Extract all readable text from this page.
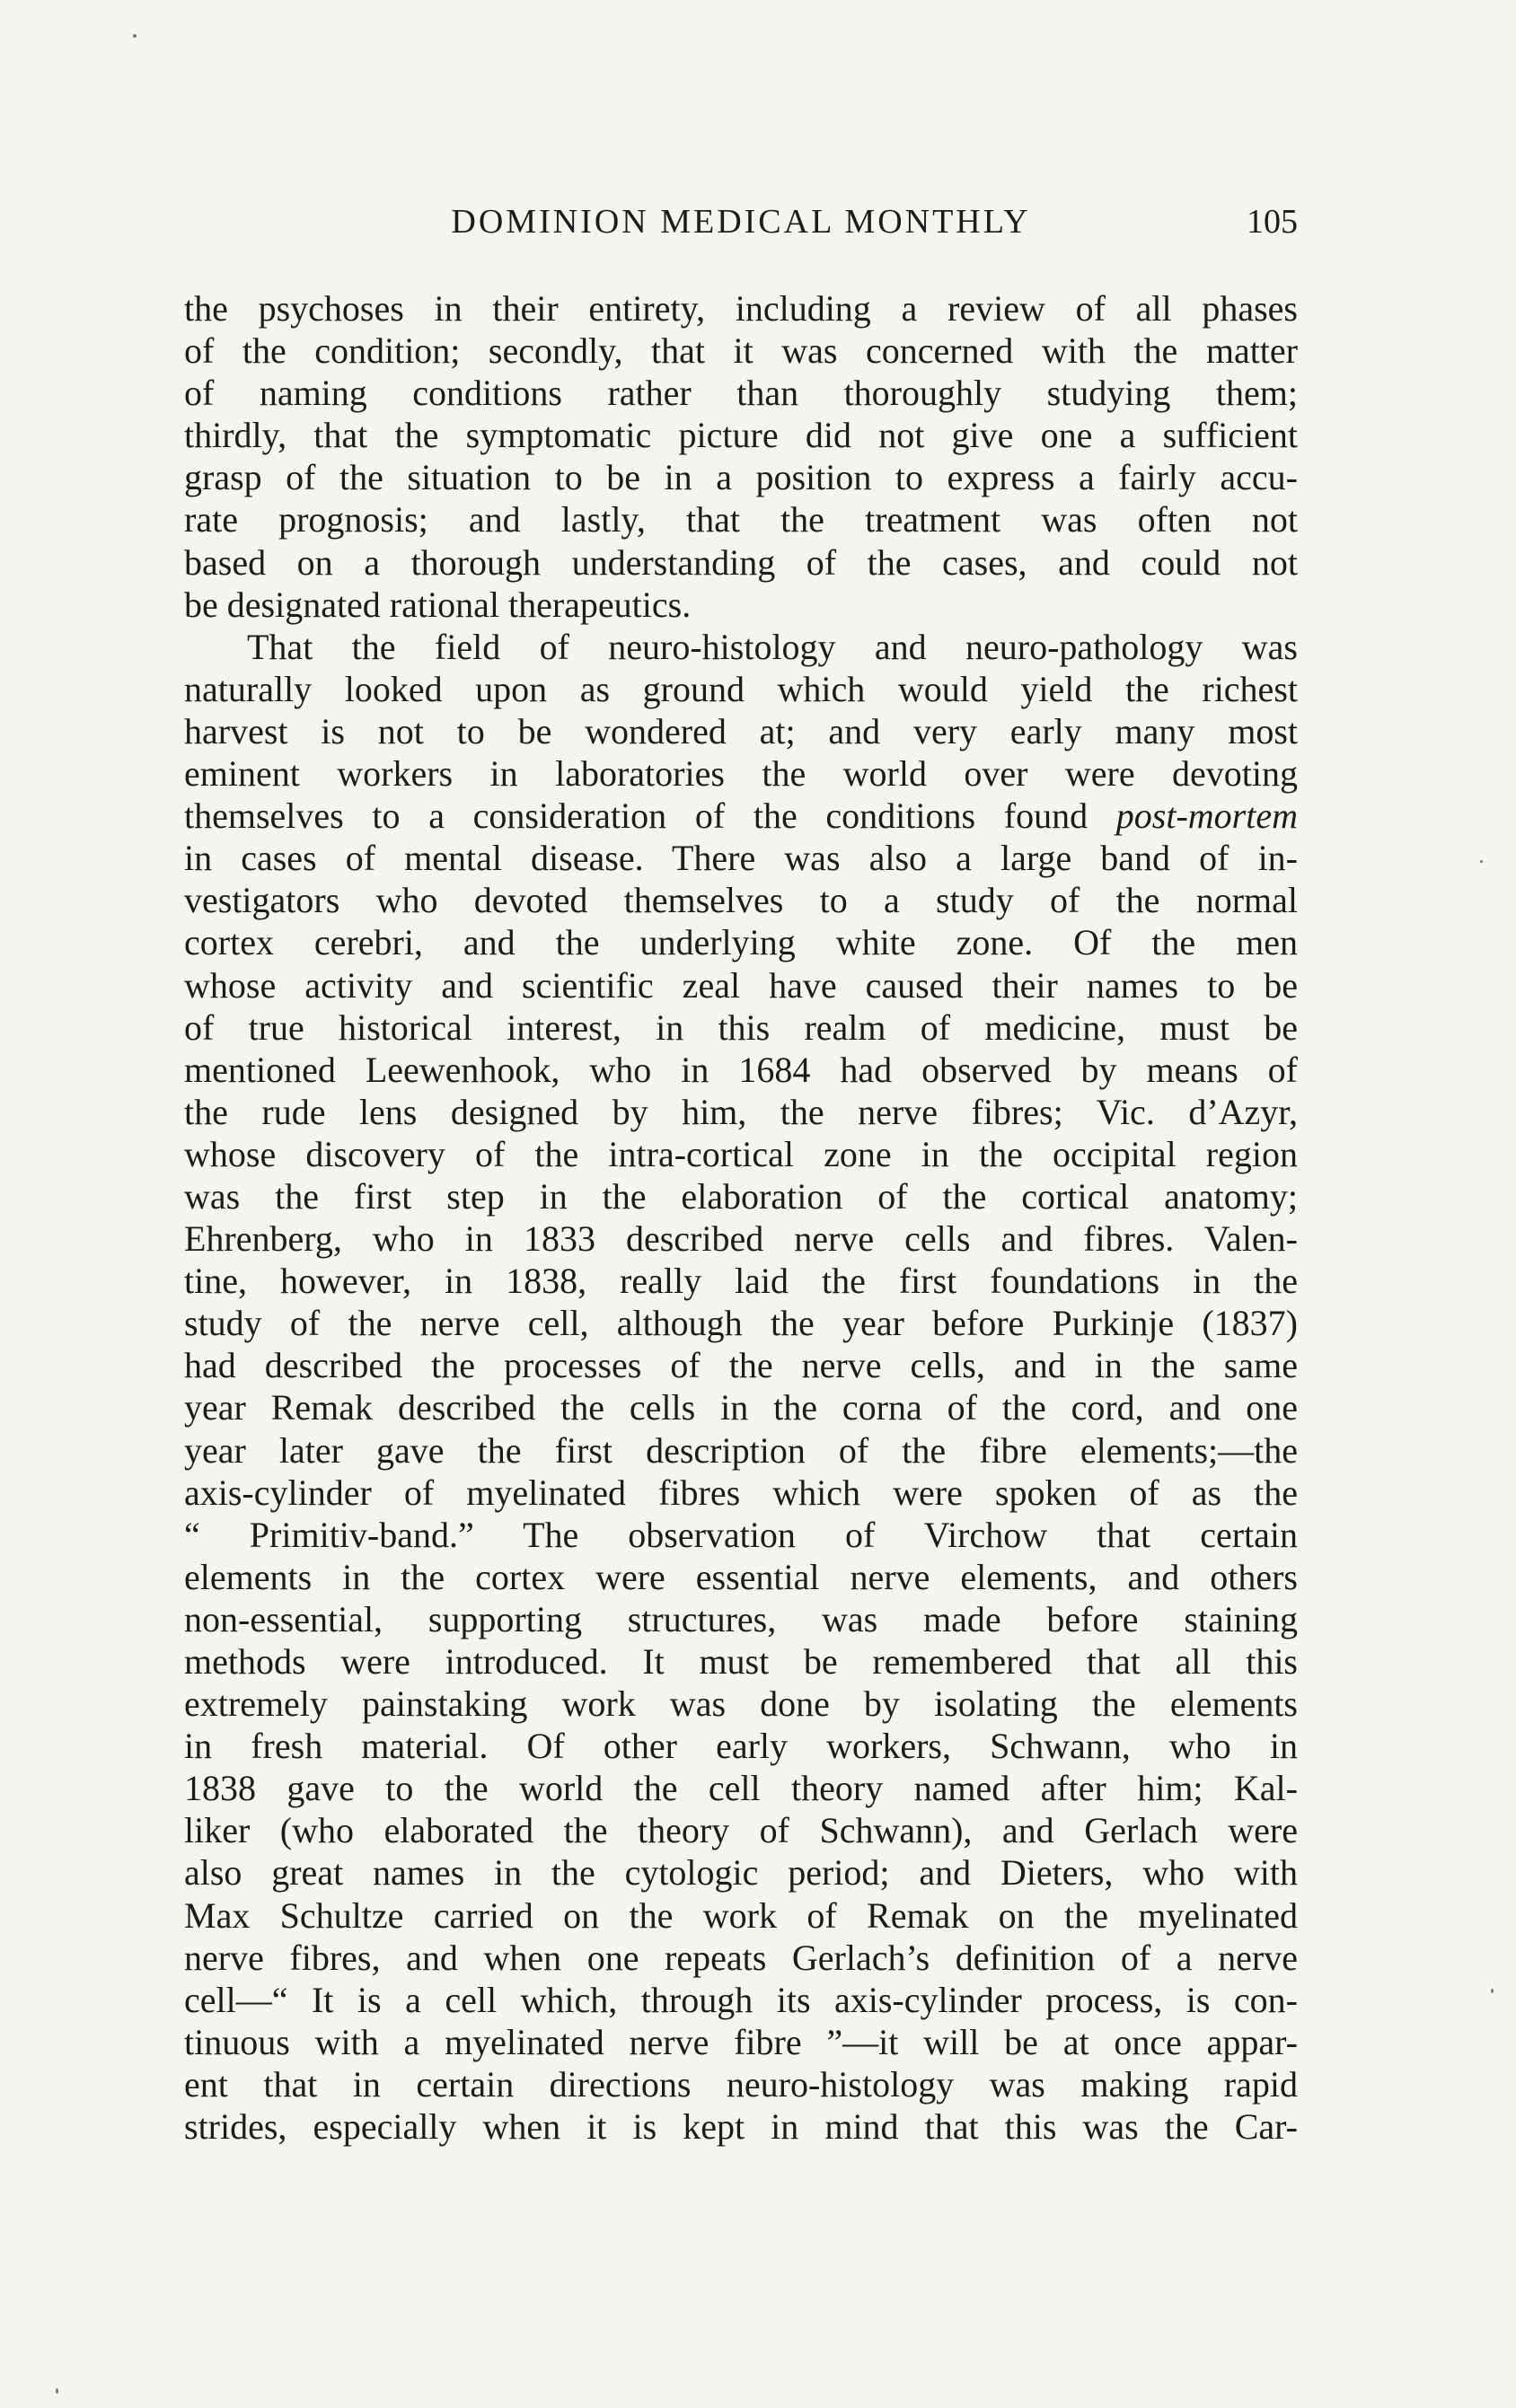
DOMINION MEDICAL MONTHLY	105
the psychoses in their entirety, including a review of all phases
of the condition; secondly, that it was concerned with the matter
of naming conditions rather than thoroughly studying them;
thirdly, that the symptomatic picture did not give one a sufficient
grasp of the situation to be in a position to express a fairly accu-
rate prognosis; and lastly, that the treatment was often not
based on a thorough understanding of the cases, and could not
be designated rational therapeutics.
That the field of neuro-histology and neuro-pathology was
naturally looked upon as ground which would yield the richest
harvest is not to be wondered at; and very early many most
eminent workers in laboratories the world over were devoting
themselves to a consideration of the conditions found post-mortem
in cases of mental disease. There was also a large band of in-
vestigators who devoted themselves to a study of the normal
cortex cerebri, and the underlying white zone. Of the men
whose activity and scientific zeal have caused their names to be
of true historical interest, in this realm of medicine, must be
mentioned Leewenhook, who in 1684 had observed by means of
the rude lens designed by him, the nerve fibres; Vic. d’Azyr,
whose discovery of the intra-cortical zone in the occipital region
was the first step in the elaboration of the cortical anatomy;
Ehrenberg, who in 1833 described nerve cells and fibres. Valen-
tine, however, in 1838, really laid the first foundations in the
study of the nerve cell, although the year before Purkinje (1837)
had described the processes of the nerve cells, and in the same
year Remak described the cells in the corna of the cord, and one
year later gave the first description of the fibre elements;—the
axis-cylinder of myelinated fibres which were spoken of as the
“ Primitiv-band.” The observation of Virchow that certain
elements in the cortex were essential nerve elements, and others
non-essential, supporting structures, was made before staining
methods were introduced. It must be remembered that all this
extremely painstaking work was done by isolating the elements
in fresh material. Of other early workers, Schwann, who in
1838 gave to the world the cell theory named after him; Kal-
liker (who elaborated the theory of Schwann), and Gerlach were
also great names in the cytologic period; and Dieters, who with
Max Schultze carried on the work of Remak on the myelinated
nerve fibres, and when one repeats Gerlach’s definition of a nerve
cell—“ It is a cell which, through its axis-cylinder process, is con-
tinuous with a myelinated nerve fibre ”—it will be at once appar-
ent that in certain directions neuro-histology was making rapid
strides, especially when it is kept in mind that this was the Car-
